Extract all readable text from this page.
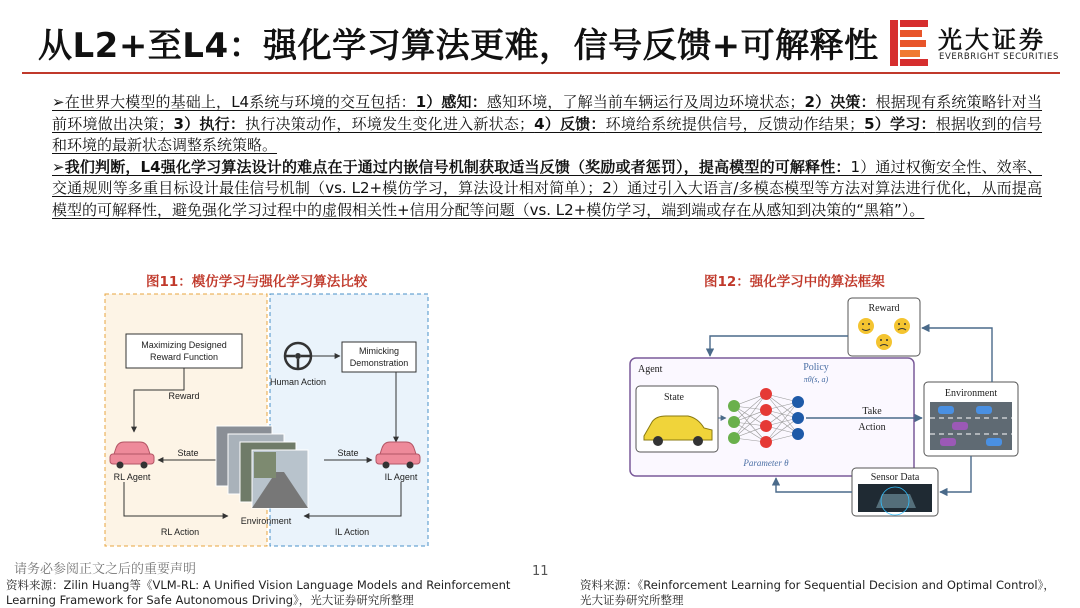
从L2+至L4：强化学习算法更难，信号反馈+可解释性 光大证券
EVERBRIGHT SECURITIES

➢在世界大模型的基础上，L4系统与环境的交互包括：1）感知：感知环境，了解当前车辆运行及周边环境状态；2）决策：根据现有系统策略针对当前环境做出决策；3）执行：执行决策动作，环境发生变化进入新状态；4）反馈：环境给系统提供信号，反馈动作结果；5）学习：根据收到的信号和环境的最新状态调整系统策略。

➢我们判断，L4强化学习算法设计的难点在于通过内嵌信号机制获取适当反馈（奖励或者惩罚），提高模型的可解释性：1）通过权衡安全性、效率、交通规则等多重目标设计最佳信号机制（vs. L2+模仿学习，算法设计相对简单）；2）通过引入大语言/多模态模型等方法对算法进行优化，从而提高模型的可解释性，避免强化学习过程中的虚假相关性+信用分配等问题（vs. L2+模仿学习，端到端或存在从感知到决策的“黑箱”）。

图11：模仿学习与强化学习算法比较	图12：强化学习中的算法框架
Maximizing Designed
Reward Function
Mimicking
Demonstration
Human Action
Reward
RL Agent	IL Agent
State	State
Environment
RL Action	IL Action
Reward
Agent
State
Policy
πθ(s, a)
Parameter θ
Take
Action
Environment
Sensor Data
请务必参阅正文之后的重要声明	11
资料来源：Zilin Huang等《VLM-RL: A Unified Vision Language Models and Reinforcement
Learning Framework for Safe Autonomous Driving》，光大证券研究所整理
资料来源：《Reinforcement Learning for Sequential Decision and Optimal Control》，
光大证券研究所整理
